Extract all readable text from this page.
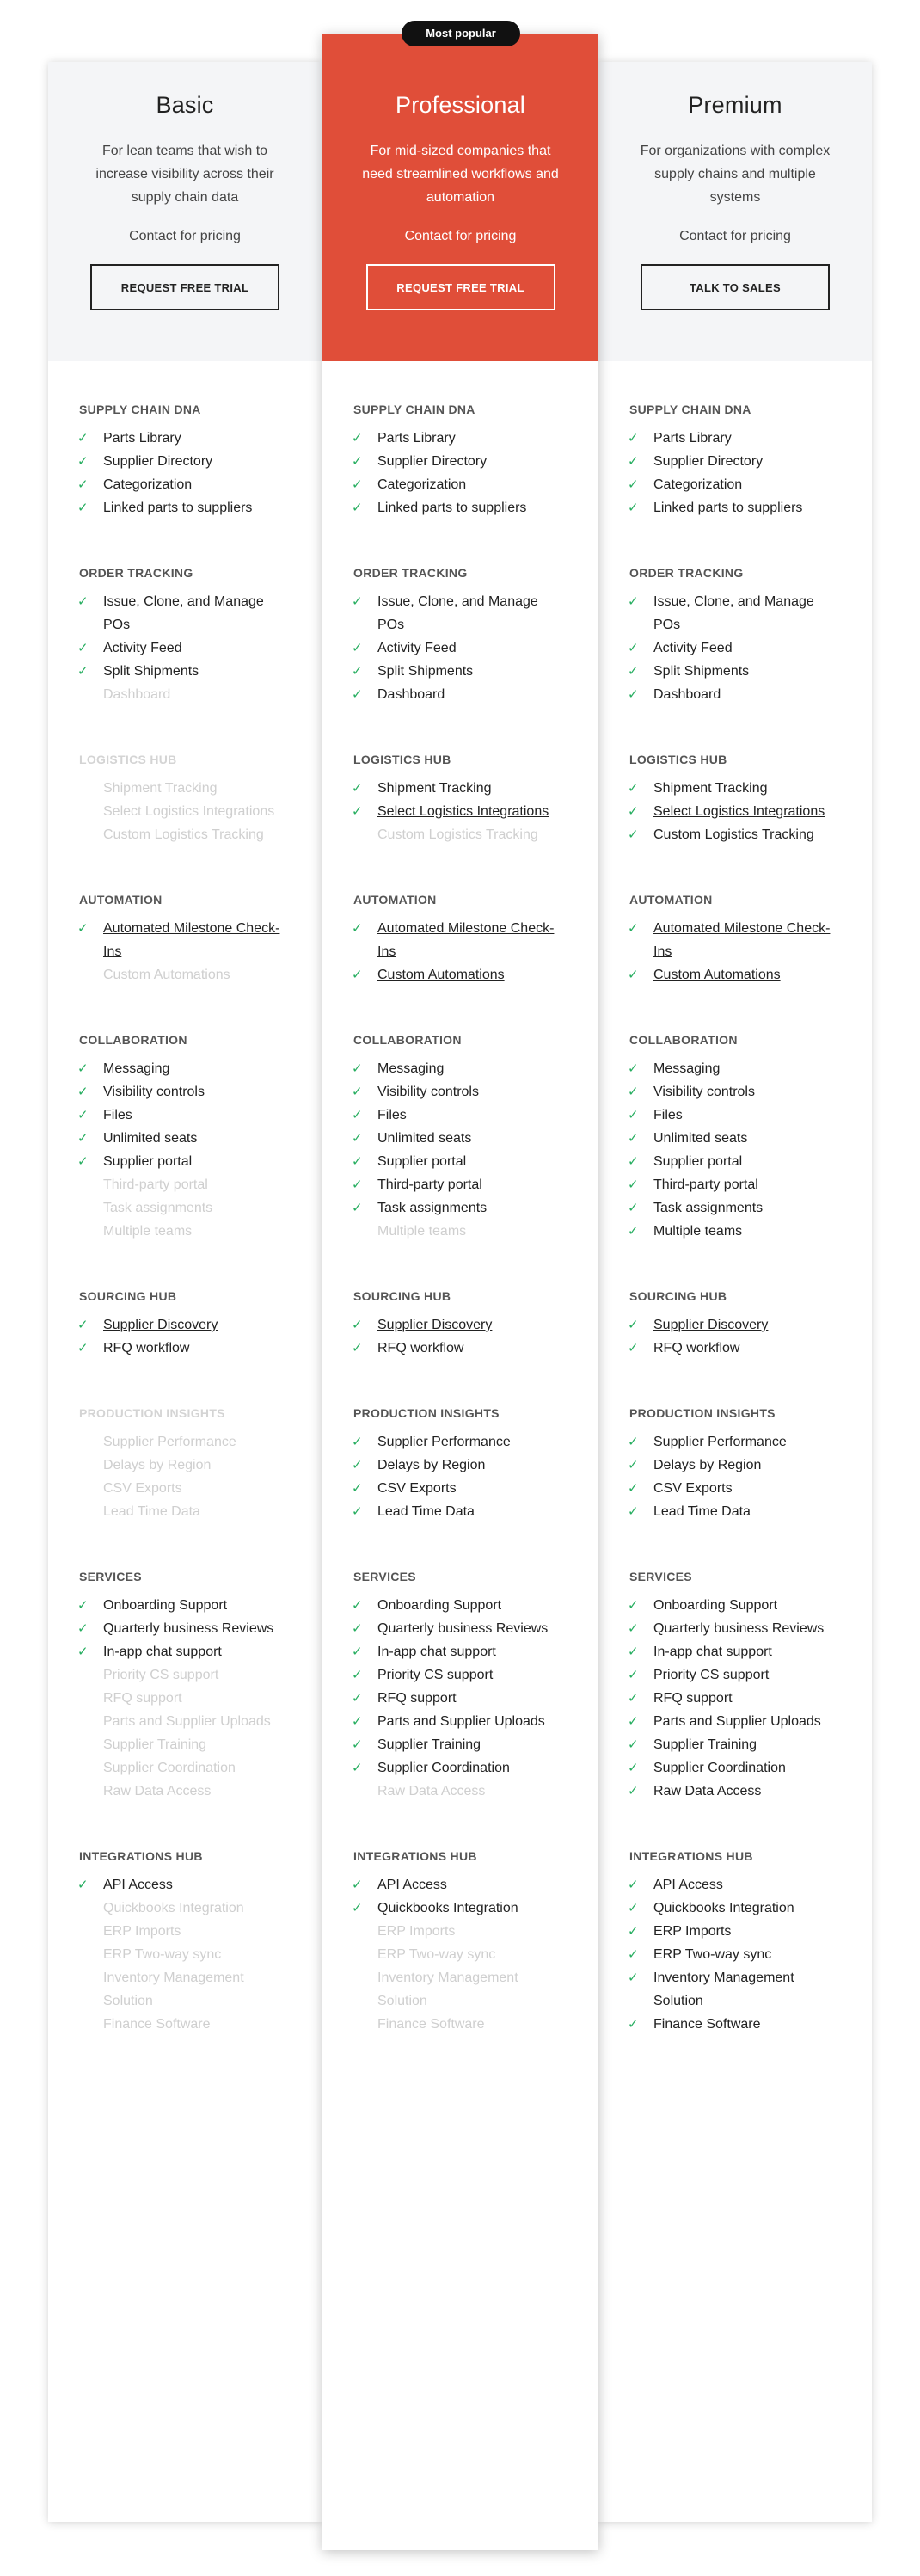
Most popular
Basic
For lean teams that wish to increase visibility across their supply chain data
Contact for pricing
REQUEST FREE TRIAL
SUPPLY CHAIN DNA
✓ Parts Library
✓ Supplier Directory
✓ Categorization
✓ Linked parts to suppliers
ORDER TRACKING
✓ Issue, Clone, and Manage POs
✓ Activity Feed
✓ Split Shipments
Dashboard
LOGISTICS HUB
Shipment Tracking
Select Logistics Integrations
Custom Logistics Tracking
AUTOMATION
✓ Automated Milestone Check-Ins
Custom Automations
COLLABORATION
✓ Messaging
✓ Visibility controls
✓ Files
✓ Unlimited seats
✓ Supplier portal
Third-party portal
Task assignments
Multiple teams
SOURCING HUB
✓ Supplier Discovery
✓ RFQ workflow
PRODUCTION INSIGHTS
Supplier Performance
Delays by Region
CSV Exports
Lead Time Data
SERVICES
✓ Onboarding Support
✓ Quarterly business Reviews
✓ In-app chat support
Priority CS support
RFQ support
Parts and Supplier Uploads
Supplier Training
Supplier Coordination
Raw Data Access
INTEGRATIONS HUB
✓ API Access
Quickbooks Integration
ERP Imports
ERP Two-way sync
Inventory Management Solution
Finance Software
Professional
For mid-sized companies that need streamlined workflows and automation
Contact for pricing
REQUEST FREE TRIAL
SUPPLY CHAIN DNA
✓ Parts Library
✓ Supplier Directory
✓ Categorization
✓ Linked parts to suppliers
ORDER TRACKING
✓ Issue, Clone, and Manage POs
✓ Activity Feed
✓ Split Shipments
✓ Dashboard
LOGISTICS HUB
✓ Shipment Tracking
✓ Select Logistics Integrations
Custom Logistics Tracking
AUTOMATION
✓ Automated Milestone Check-Ins
✓ Custom Automations
COLLABORATION
✓ Messaging
✓ Visibility controls
✓ Files
✓ Unlimited seats
✓ Supplier portal
✓ Third-party portal
✓ Task assignments
Multiple teams
SOURCING HUB
✓ Supplier Discovery
✓ RFQ workflow
PRODUCTION INSIGHTS
✓ Supplier Performance
✓ Delays by Region
✓ CSV Exports
✓ Lead Time Data
SERVICES
✓ Onboarding Support
✓ Quarterly business Reviews
✓ In-app chat support
✓ Priority CS support
✓ RFQ support
✓ Parts and Supplier Uploads
✓ Supplier Training
✓ Supplier Coordination
Raw Data Access
INTEGRATIONS HUB
✓ API Access
✓ Quickbooks Integration
ERP Imports
ERP Two-way sync
Inventory Management Solution
Finance Software
Premium
For organizations with complex supply chains and multiple systems
Contact for pricing
TALK TO SALES
SUPPLY CHAIN DNA
✓ Parts Library
✓ Supplier Directory
✓ Categorization
✓ Linked parts to suppliers
ORDER TRACKING
✓ Issue, Clone, and Manage POs
✓ Activity Feed
✓ Split Shipments
✓ Dashboard
LOGISTICS HUB
✓ Shipment Tracking
✓ Select Logistics Integrations
✓ Custom Logistics Tracking
AUTOMATION
✓ Automated Milestone Check-Ins
✓ Custom Automations
COLLABORATION
✓ Messaging
✓ Visibility controls
✓ Files
✓ Unlimited seats
✓ Supplier portal
✓ Third-party portal
✓ Task assignments
✓ Multiple teams
SOURCING HUB
✓ Supplier Discovery
✓ RFQ workflow
PRODUCTION INSIGHTS
✓ Supplier Performance
✓ Delays by Region
✓ CSV Exports
✓ Lead Time Data
SERVICES
✓ Onboarding Support
✓ Quarterly business Reviews
✓ In-app chat support
✓ Priority CS support
✓ RFQ support
✓ Parts and Supplier Uploads
✓ Supplier Training
✓ Supplier Coordination
✓ Raw Data Access
INTEGRATIONS HUB
✓ API Access
✓ Quickbooks Integration
✓ ERP Imports
✓ ERP Two-way sync
✓ Inventory Management Solution
✓ Finance Software
